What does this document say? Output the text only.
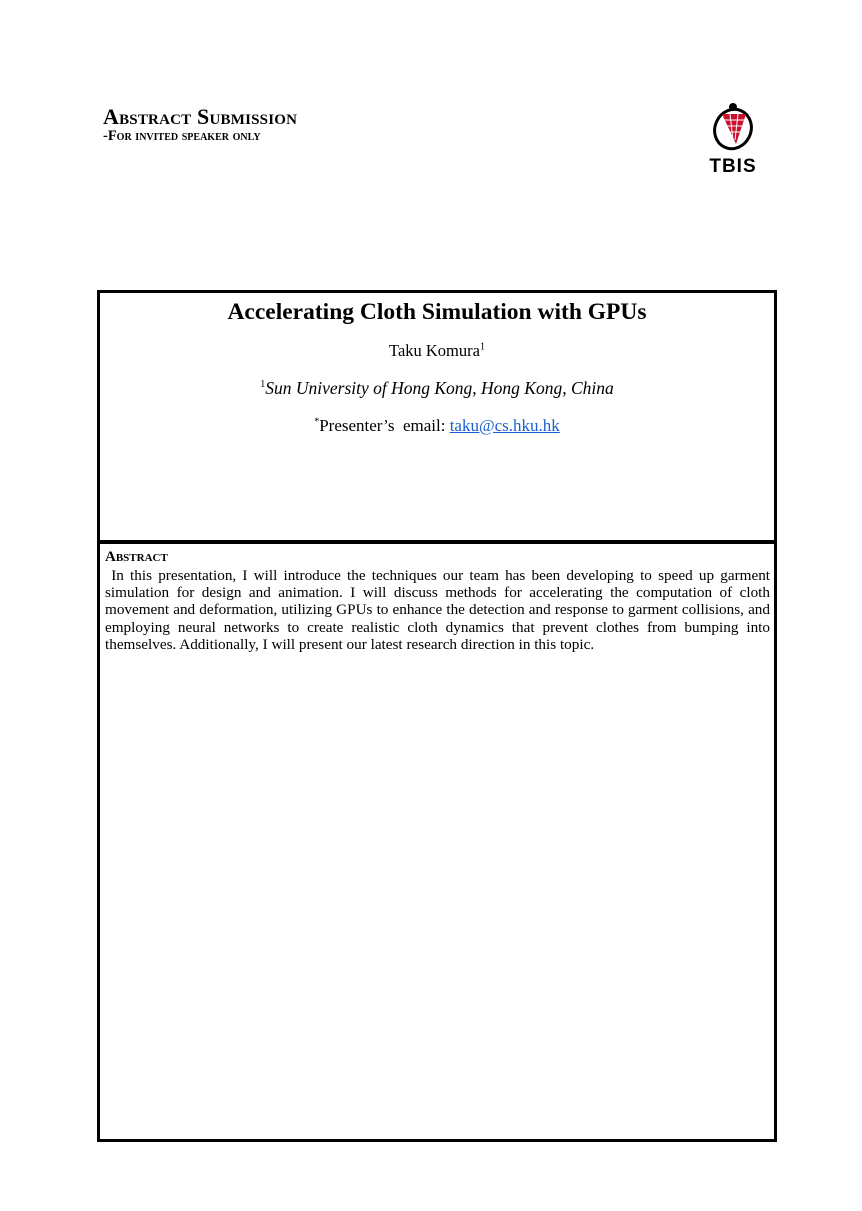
Abstract Submission
-For invited speaker only
TBIS
Accelerating Cloth Simulation with GPUs
Taku Komura$^1$
$^1$Sun University of Hong Kong, Hong Kong, China
*Presenter’s  email: taku@cs.hku.hk
Abstract
In this presentation, I will introduce the techniques our team has been developing to speed up garment simulation for design and animation. I will discuss methods for accelerating the computation of cloth movement and deformation, utilizing GPUs to enhance the detection and response to garment collisions, and employing neural networks to create realistic cloth dynamics that prevent clothes from bumping into themselves. Additionally, I will present our latest research direction in this topic.
